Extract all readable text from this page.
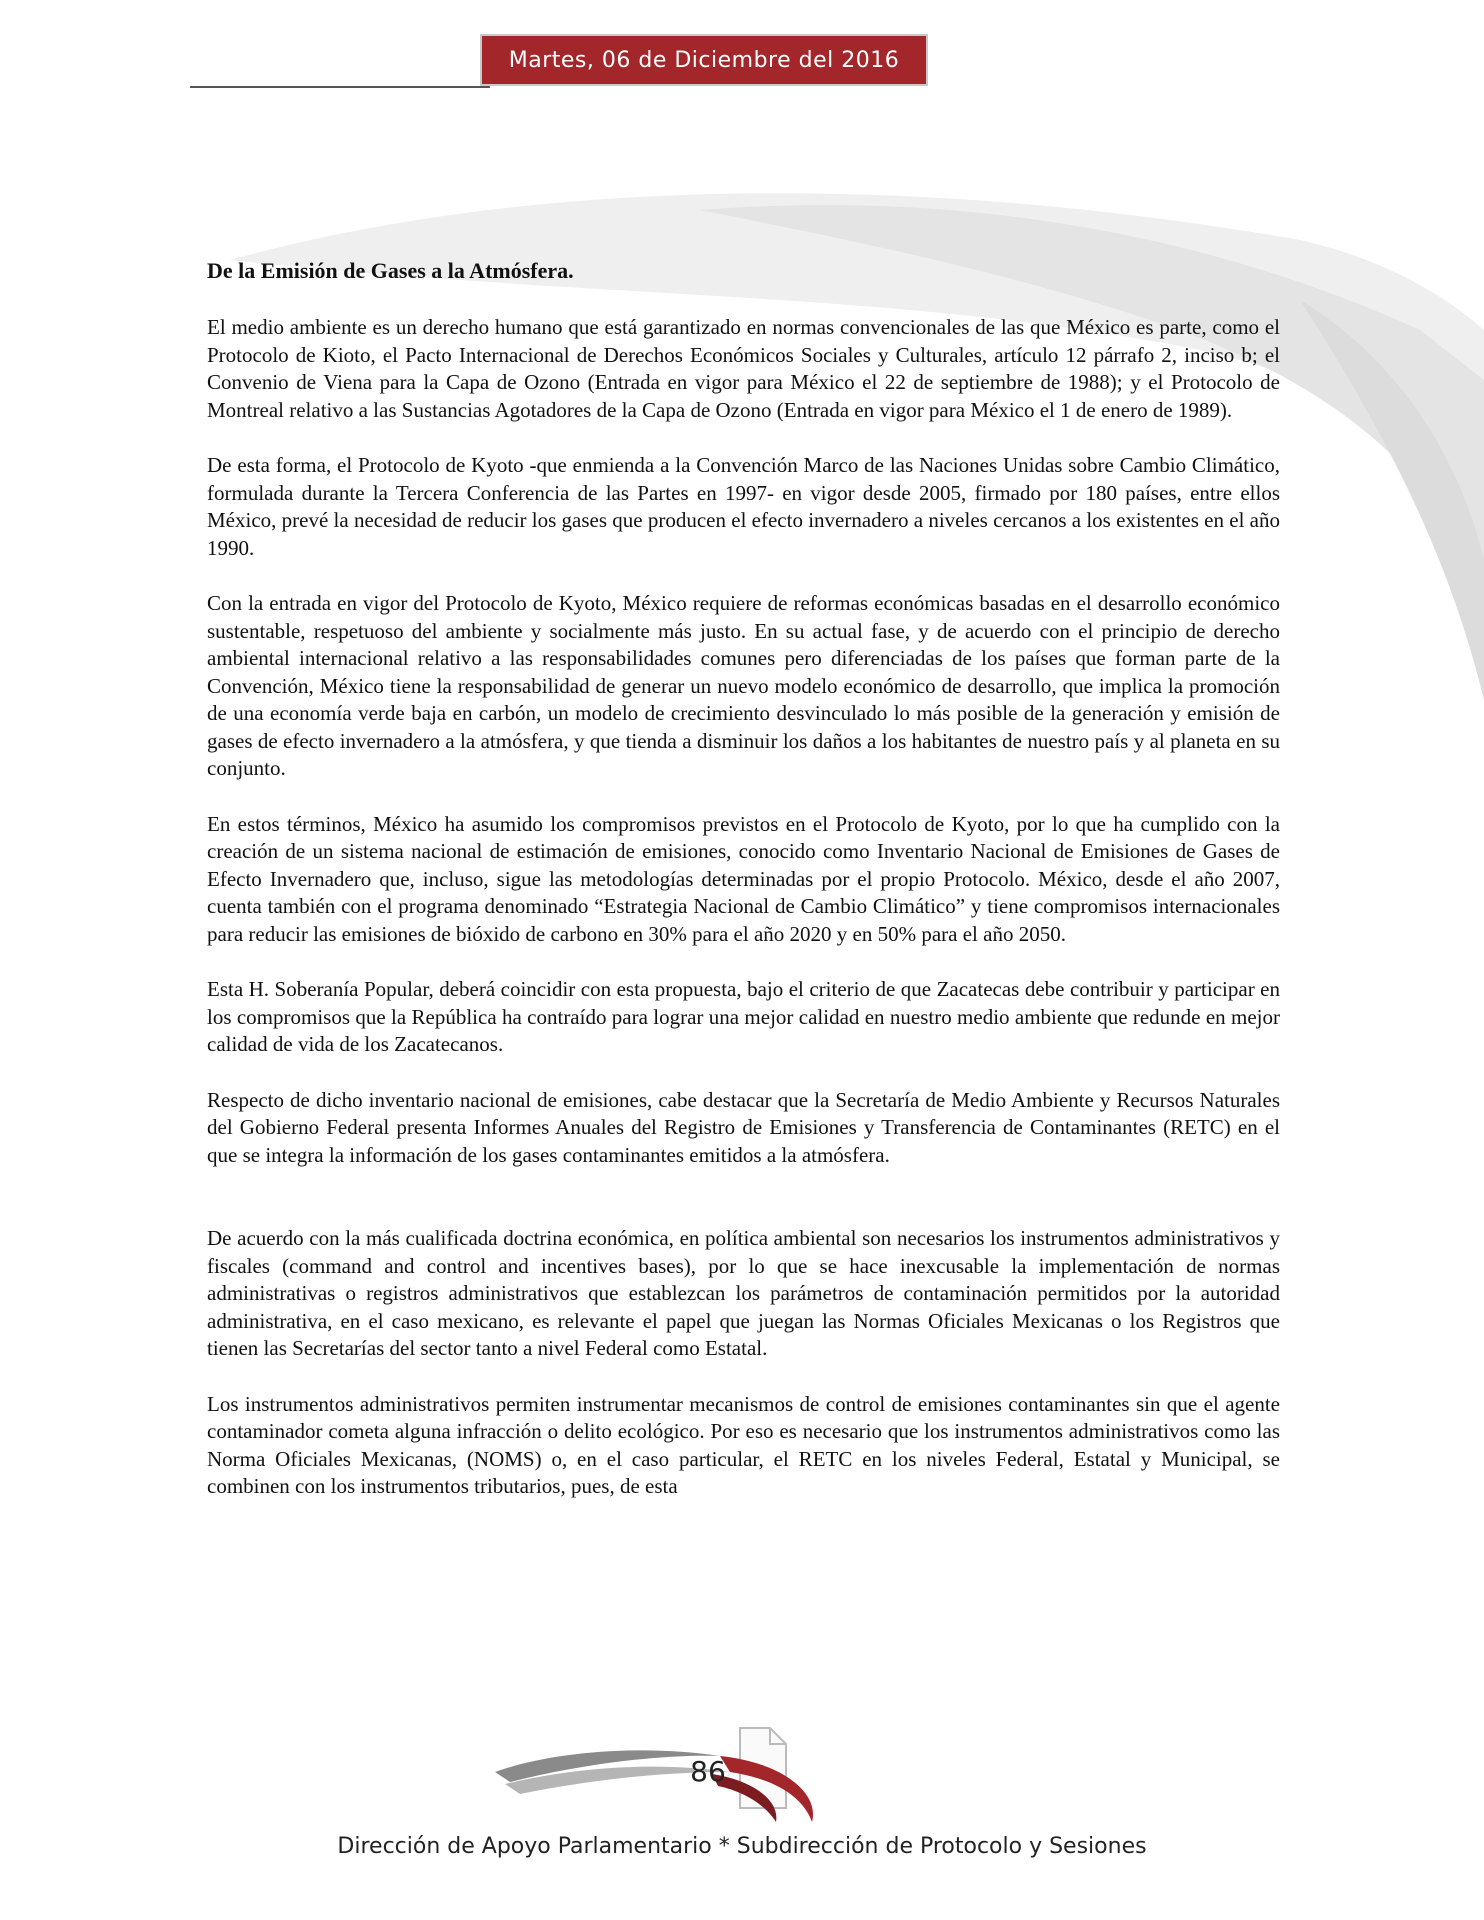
Martes, 06 de Diciembre del 2016

De la Emisión de Gases a la Atmósfera.

El medio ambiente es un derecho humano que está garantizado en normas convencionales de las que México es parte, como el Protocolo de Kioto, el Pacto Internacional de Derechos Económicos Sociales y Culturales, artículo 12 párrafo 2, inciso b; el Convenio de Viena para la Capa de Ozono (Entrada en vigor para México el 22 de septiembre de 1988); y el Protocolo de Montreal relativo a las Sustancias Agotadores de la Capa de Ozono (Entrada en vigor para México el 1 de enero de 1989).

De esta forma, el Protocolo de Kyoto -que enmienda a la Convención Marco de las Naciones Unidas sobre Cambio Climático, formulada durante la Tercera Conferencia de las Partes en 1997- en vigor desde 2005, firmado por 180 países, entre ellos México, prevé la necesidad de reducir los gases que producen el efecto invernadero a niveles cercanos a los existentes en el año 1990.

Con la entrada en vigor del Protocolo de Kyoto, México requiere de reformas económicas basadas en el desarrollo económico sustentable, respetuoso del ambiente y socialmente más justo. En su actual fase, y de acuerdo con el principio de derecho ambiental internacional relativo a las responsabilidades comunes pero diferenciadas de los países que forman parte de la Convención, México tiene la responsabilidad de generar un nuevo modelo económico de desarrollo, que implica la promoción de una economía verde baja en carbón, un modelo de crecimiento desvinculado lo más posible de la generación y emisión de gases de efecto invernadero a la atmósfera, y que tienda a disminuir los daños a los habitantes de nuestro país y al planeta en su conjunto.

En estos términos, México ha asumido los compromisos previstos en el Protocolo de Kyoto, por lo que ha cumplido con la creación de un sistema nacional de estimación de emisiones, conocido como Inventario Nacional de Emisiones de Gases de Efecto Invernadero que, incluso, sigue las metodologías determinadas por el propio Protocolo. México, desde el año 2007, cuenta también con el programa denominado “Estrategia Nacional de Cambio Climático” y tiene compromisos internacionales para reducir las emisiones de bióxido de carbono en 30% para el año 2020 y en 50% para el año 2050.

Esta H. Soberanía Popular, deberá coincidir con esta propuesta, bajo el criterio de que Zacatecas debe contribuir y participar en los compromisos que la República ha contraído para lograr una mejor calidad en nuestro medio ambiente que redunde en mejor calidad de vida de los Zacatecanos.

Respecto de dicho inventario nacional de emisiones, cabe destacar que la Secretaría de Medio Ambiente y Recursos Naturales del Gobierno Federal presenta Informes Anuales del Registro de Emisiones y Transferencia de Contaminantes (RETC) en el que se integra la información de los gases contaminantes emitidos a la atmósfera.

De acuerdo con la más cualificada doctrina económica, en política ambiental son necesarios los instrumentos administrativos y fiscales (command and control and incentives bases), por lo que se hace inexcusable la implementación de normas administrativas o registros administrativos que establezcan los parámetros de contaminación permitidos por la autoridad administrativa, en el caso mexicano, es relevante el papel que juegan las Normas Oficiales Mexicanas o los Registros que tienen las Secretarías del sector tanto a nivel Federal como Estatal.

Los instrumentos administrativos permiten instrumentar mecanismos de control de emisiones contaminantes sin que el agente contaminador cometa alguna infracción o delito ecológico. Por eso es necesario que los instrumentos administrativos como las Norma Oficiales Mexicanas, (NOMS) o, en el caso particular, el RETC en los niveles Federal, Estatal y Municipal, se combinen con los instrumentos tributarios, pues, de esta

86
Dirección de Apoyo Parlamentario * Subdirección de Protocolo y Sesiones
